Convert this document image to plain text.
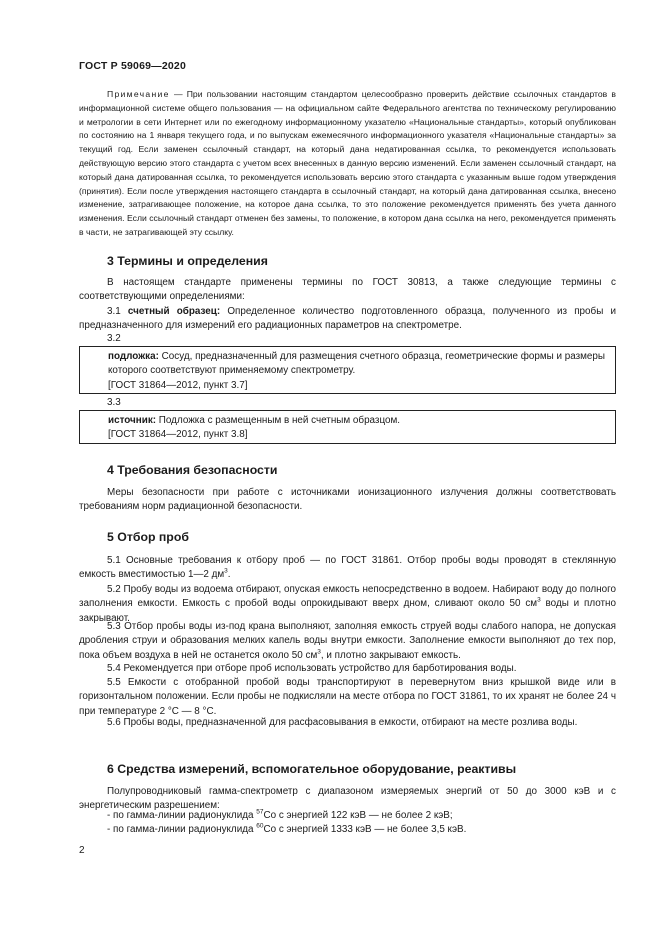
ГОСТ Р 59069—2020
Примечание — При пользовании настоящим стандартом целесообразно проверить действие ссылочных стандартов в информационной системе общего пользования — на официальном сайте Федерального агентства по техническому регулированию и метрологии в сети Интернет или по ежегодному информационному указателю «Национальные стандарты», который опубликован по состоянию на 1 января текущего года, и по выпускам ежемесячного информационного указателя «Национальные стандарты» за текущий год. Если заменен ссылочный стандарт, на который дана недатированная ссылка, то рекомендуется использовать действующую версию этого стандарта с учетом всех внесенных в данную версию изменений. Если заменен ссылочный стандарт, на который дана датированная ссылка, то рекомендуется использовать версию этого стандарта с указанным выше годом утверждения (принятия). Если после утверждения настоящего стандарта в ссылочный стандарт, на который дана датированная ссылка, внесено изменение, затрагивающее положение, на которое дана ссылка, то это положение рекомендуется применять без учета данного изменения. Если ссылочный стандарт отменен без замены, то положение, в котором дана ссылка на него, рекомендуется применять в части, не затрагивающей эту ссылку.
3 Термины и определения
В настоящем стандарте применены термины по ГОСТ 30813, а также следующие термины с соответствующими определениями:
3.1 счетный образец: Определенное количество подготовленного образца, полученного из пробы и предназначенного для измерений его радиационных параметров на спектрометре.
3.2
подложка: Сосуд, предназначенный для размещения счетного образца, геометрические формы и размеры которого соответствуют применяемому спектрометру.
[ГОСТ 31864—2012, пункт 3.7]
3.3
источник: Подложка с размещенным в ней счетным образцом.
[ГОСТ 31864—2012, пункт 3.8]
4 Требования безопасности
Меры безопасности при работе с источниками ионизационного излучения должны соответствовать требованиям норм радиационной безопасности.
5 Отбор проб
5.1 Основные требования к отбору проб — по ГОСТ 31861. Отбор пробы воды проводят в стеклянную емкость вместимостью 1—2 $дм^3$.
5.2 Пробу воды из водоема отбирают, опуская емкость непосредственно в водоем. Набирают воду до полного заполнения емкости. Емкость с пробой воды опрокидывают вверх дном, сливают около 50 $см^3$ воды и плотно закрывают.
5.3 Отбор пробы воды из-под крана выполняют, заполняя емкость струей воды слабого напора, не допуская дробления струи и образования мелких капель воды внутри емкости. Заполнение емкости выполняют до тех пор, пока объем воздуха в ней не останется около 50 $см^3$, и плотно закрывают емкость.
5.4 Рекомендуется при отборе проб использовать устройство для барботирования воды.
5.5 Емкости с отобранной пробой воды транспортируют в перевернутом вниз крышкой виде или в горизонтальном положении. Если пробы не подкисляли на месте отбора по ГОСТ 31861, то их хранят не более 24 ч при температуре 2 °С — 8 °С.
5.6 Пробы воды, предназначенной для расфасовывания в емкости, отбирают на месте розлива воды.
6 Средства измерений, вспомогательное оборудование, реактивы
Полупроводниковый гамма-спектрометр с диапазоном измеряемых энергий от 50 до 3000 кэВ и с энергетическим разрешением:
- по гамма-линии радионуклида $^{57}$Со с энергией 122 кэВ — не более 2 кэВ;
- по гамма-линии радионуклида $^{60}$Со с энергией 1333 кэВ — не более 3,5 кэВ.
2
